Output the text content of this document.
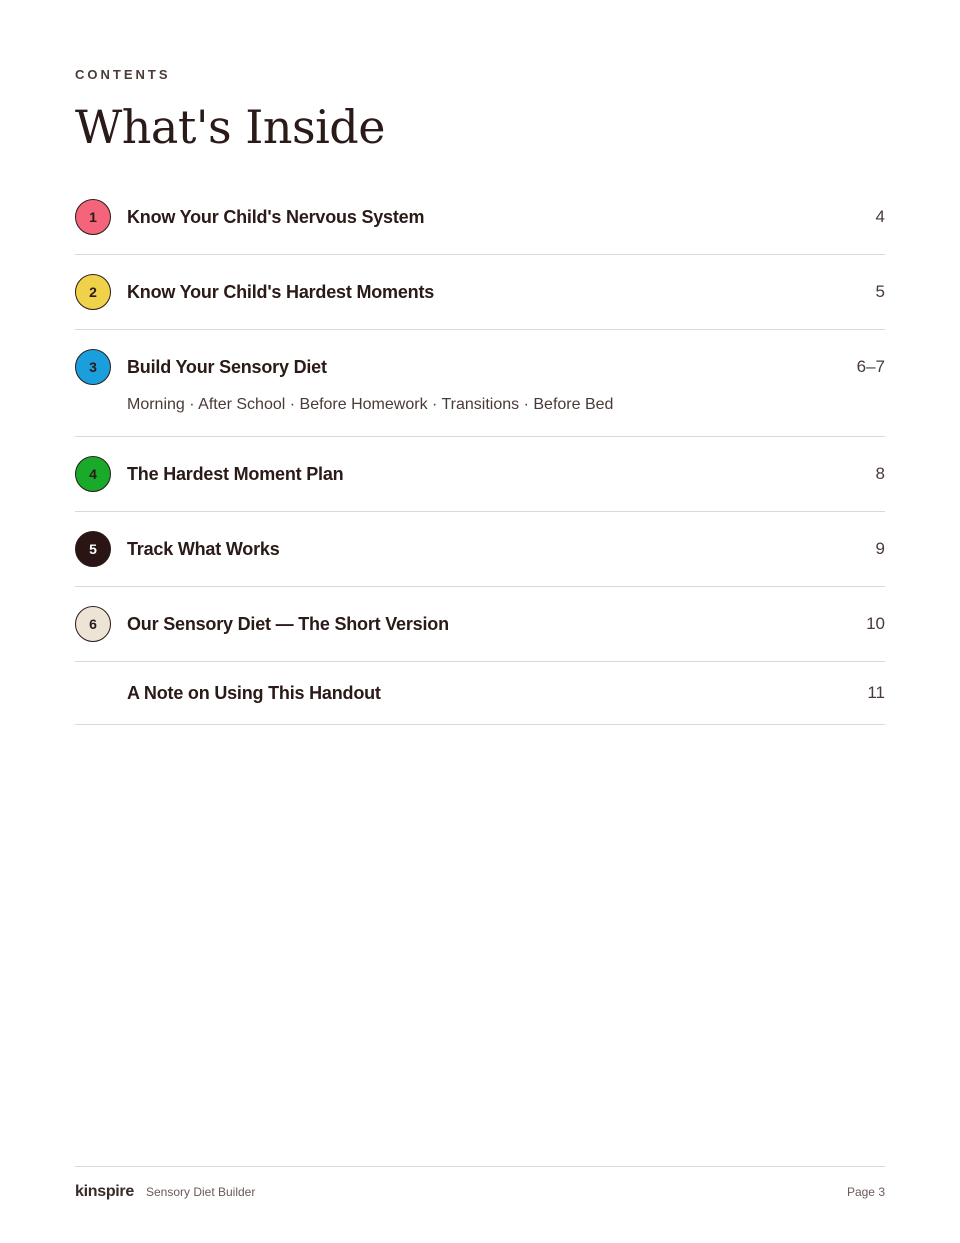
CONTENTS
What's Inside
1 Know Your Child's Nervous System	4
2 Know Your Child's Hardest Moments	5
3 Build Your Sensory Diet	6–7
Morning · After School · Before Homework · Transitions · Before Bed
4 The Hardest Moment Plan	8
5 Track What Works	9
6 Our Sensory Diet — The Short Version	10
A Note on Using This Handout	11
kinspire Sensory Diet Builder	Page 3
